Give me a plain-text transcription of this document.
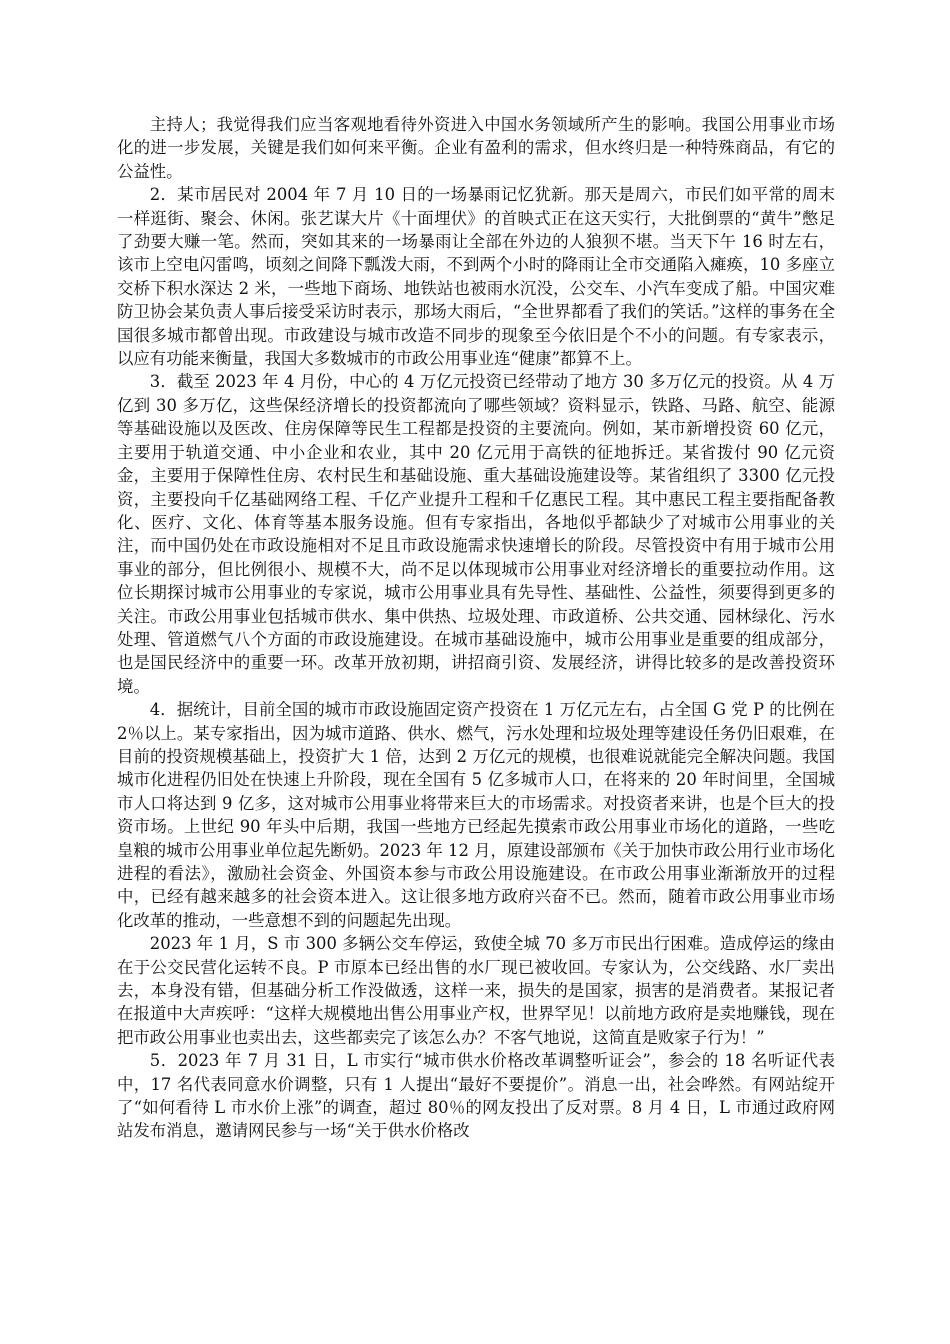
主持人；我觉得我们应当客观地看待外资进入中国水务领域所产生的影响。我国公用事业市场化的进一步发展，关键是我们如何来平衡。企业有盈利的需求，但水终归是一种特殊商品，有它的公益性。

2．某市居民对 2004 年 7 月 10 日的一场暴雨记忆犹新。那天是周六，市民们如平常的周末一样逛街、聚会、休闲。张艺谋大片《十面埋伏》的首映式正在这天实行，大批倒票的“黄牛”憋足了劲要大赚一笔。然而，突如其来的一场暴雨让全部在外边的人狼狈不堪。当天下午 16 时左右，该市上空电闪雷鸣，顷刻之间降下瓢泼大雨，不到两个小时的降雨让全市交通陷入瘫痪，10 多座立交桥下积水深达 2 米，一些地下商场、地铁站也被雨水沉没，公交车、小汽车变成了船。中国灾难防卫协会某负责人事后接受采访时表示，那场大雨后，“全世界都看了我们的笑话。”这样的事务在全国很多城市都曾出现。市政建设与城市改造不同步的现象至今依旧是个不小的问题。有专家表示，以应有功能来衡量，我国大多数城市的市政公用事业连“健康”都算不上。

3．截至 2023 年 4 月份，中心的 4 万亿元投资已经带动了地方 30 多万亿元的投资。从 4 万亿到 30 多万亿，这些保经济增长的投资都流向了哪些领域？资料显示，铁路、马路、航空、能源等基础设施以及医改、住房保障等民生工程都是投资的主要流向。例如，某市新增投资 60 亿元，主要用于轨道交通、中小企业和农业，其中 20 亿元用于高铁的征地拆迁。某省拨付 90 亿元资金，主要用于保障性住房、农村民生和基础设施、重大基础设施建设等。某省组织了 3300 亿元投资，主要投向千亿基础网络工程、千亿产业提升工程和千亿惠民工程。其中惠民工程主要指配备教化、医疗、文化、体育等基本服务设施。但有专家指出，各地似乎都缺少了对城市公用事业的关注，而中国仍处在市政设施相对不足且市政设施需求快速增长的阶段。尽管投资中有用于城市公用事业的部分，但比例很小、规模不大，尚不足以体现城市公用事业对经济增长的重要拉动作用。这位长期探讨城市公用事业的专家说，城市公用事业具有先导性、基础性、公益性，须要得到更多的关注。市政公用事业包括城市供水、集中供热、垃圾处理、市政道桥、公共交通、园林绿化、污水处理、管道燃气八个方面的市政设施建设。在城市基础设施中，城市公用事业是重要的组成部分，也是国民经济中的重要一环。改革开放初期，讲招商引资、发展经济，讲得比较多的是改善投资环境。

4．据统计，目前全国的城市市政设施固定资产投资在 1 万亿元左右，占全国 G 党 P 的比例在 2％以上。某专家指出，因为城市道路、供水、燃气，污水处理和垃圾处理等建设任务仍旧艰难，在目前的投资规模基础上，投资扩大 1 倍，达到 2 万亿元的规模，也很难说就能完全解决问题。我国城市化进程仍旧处在快速上升阶段，现在全国有 5 亿多城市人口，在将来的 20 年时间里，全国城市人口将达到 9 亿多，这对城市公用事业将带来巨大的市场需求。对投资者来讲，也是个巨大的投资市场。上世纪 90 年头中后期，我国一些地方已经起先摸索市政公用事业市场化的道路，一些吃皇粮的城市公用事业单位起先断奶。2023 年 12 月，原建设部颁布《关于加快市政公用行业市场化进程的看法》，激励社会资金、外国资本参与市政公用设施建设。在市政公用事业渐渐放开的过程中，已经有越来越多的社会资本进入。这让很多地方政府兴奋不已。然而，随着市政公用事业市场化改革的推动，一些意想不到的问题起先出现。

2023 年 1 月，S 市 300 多辆公交车停运，致使全城 70 多万市民出行困难。造成停运的缘由在于公交民营化运转不良。P 市原本已经出售的水厂现已被收回。专家认为，公交线路、水厂卖出去，本身没有错，但基础分析工作没做透，这样一来，损失的是国家，损害的是消费者。某报记者在报道中大声疾呼：“这样大规模地出售公用事业产权，世界罕见！以前地方政府是卖地赚钱，现在把市政公用事业也卖出去，这些都卖完了该怎么办？不客气地说，这简直是败家子行为！”

5．2023 年 7 月 31 日，L 市实行“城市供水价格改革调整听证会”，参会的 18 名听证代表中，17 名代表同意水价调整，只有 1 人提出“最好不要提价”。消息一出，社会哗然。有网站绽开了“如何看待 L 市水价上涨”的调查，超过 80％的网友投出了反对票。8 月 4 日，L 市通过政府网站发布消息，邀请网民参与一场“关于供水价格改
